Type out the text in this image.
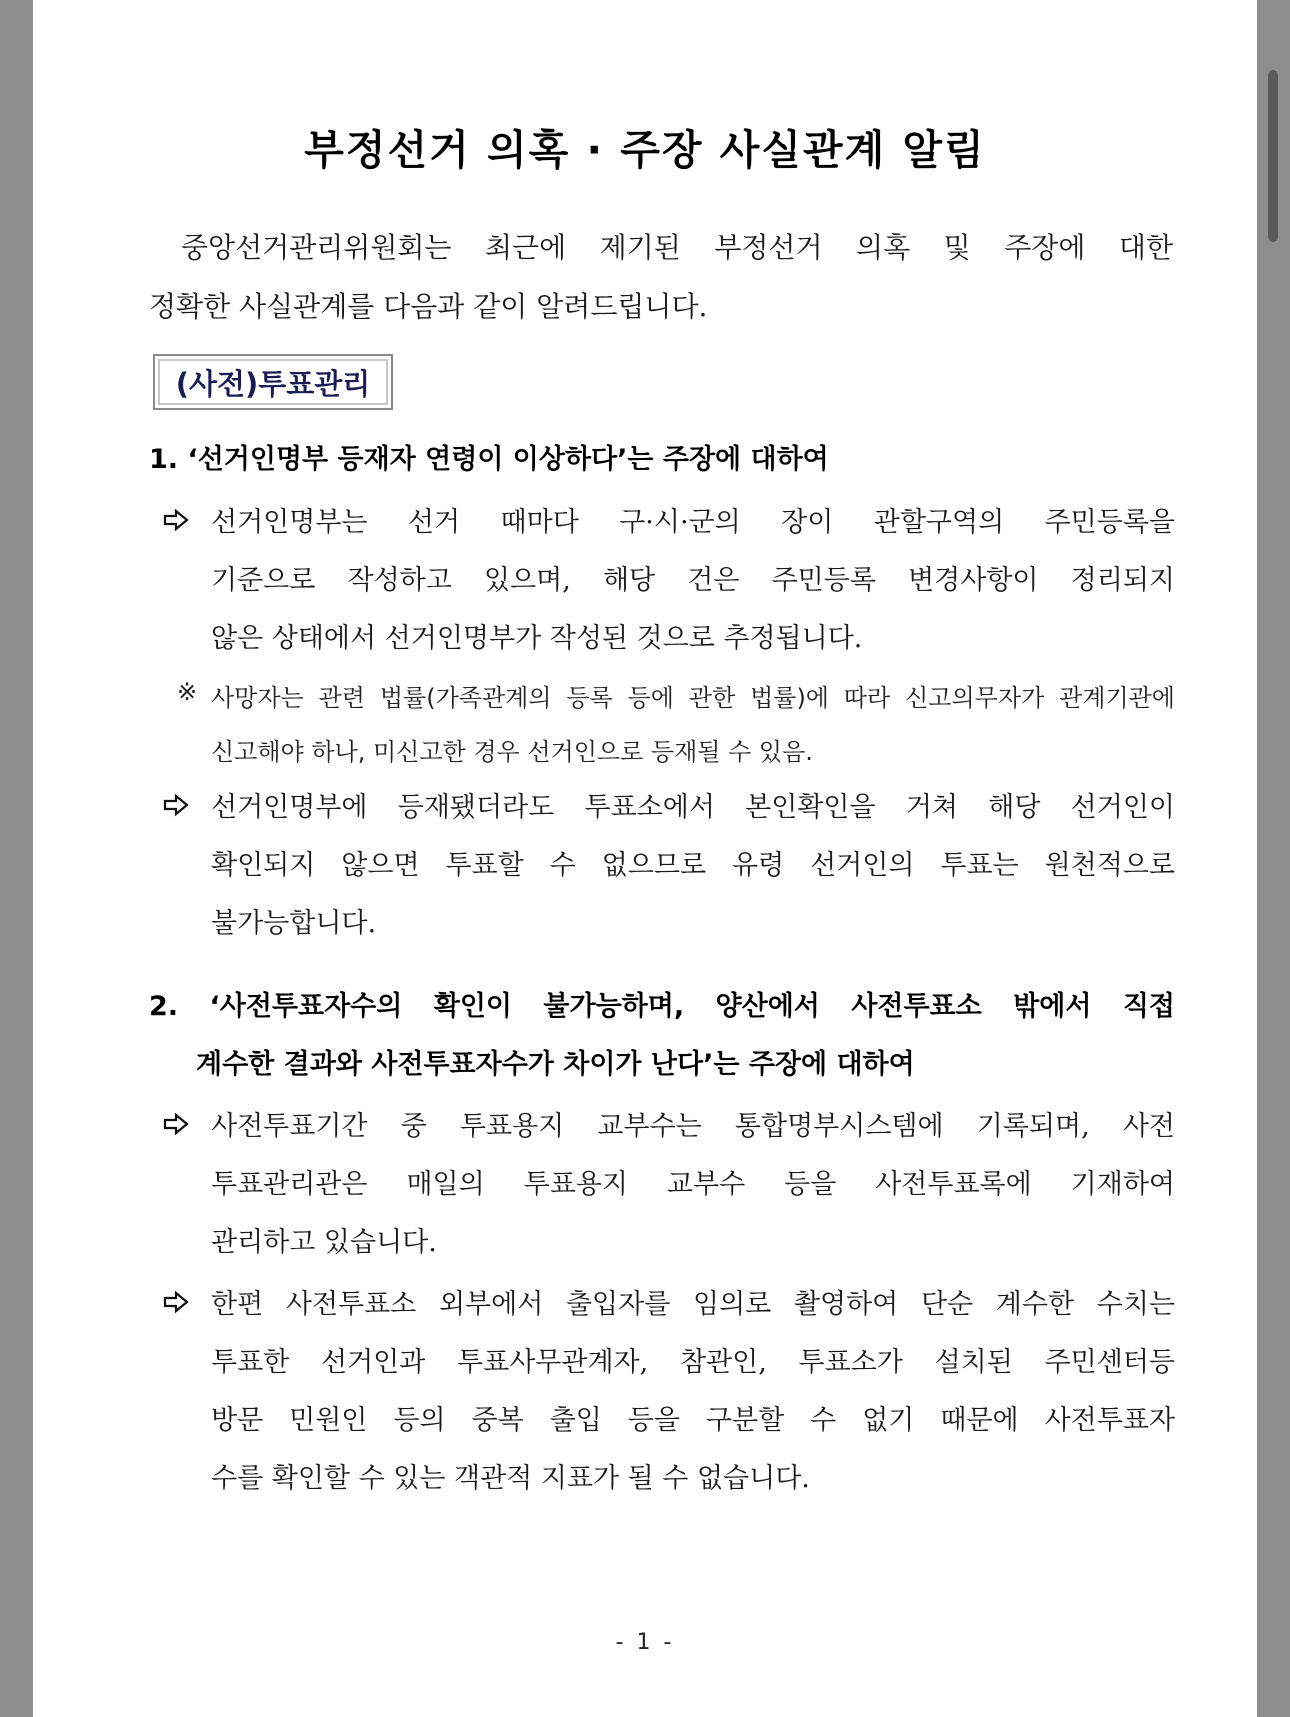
부정선거 의혹 · 주장 사실관계 알림
중앙선거관리위원회는 최근에 제기된 부정선거 의혹 및 주장에 대한
정확한 사실관계를 다음과 같이 알려드립니다.
(사전)투표관리
1. ‘선거인명부 등재자 연령이 이상하다’는 주장에 대하여
선거인명부는 선거 때마다 구·시·군의 장이 관할구역의 주민등록을
기준으로 작성하고 있으며, 해당 건은 주민등록 변경사항이 정리되지
않은 상태에서 선거인명부가 작성된 것으로 추정됩니다.
※ 사망자는 관련 법률(가족관계의 등록 등에 관한 법률)에 따라 신고의무자가 관계기관에
신고해야 하나, 미신고한 경우 선거인으로 등재될 수 있음.
선거인명부에 등재됐더라도 투표소에서 본인확인을 거쳐 해당 선거인이
확인되지 않으면 투표할 수 없으므로 유령 선거인의 투표는 원천적으로
불가능합니다.
2. ‘사전투표자수의 확인이 불가능하며, 양산에서 사전투표소 밖에서 직접
계수한 결과와 사전투표자수가 차이가 난다’는 주장에 대하여
사전투표기간 중 투표용지 교부수는 통합명부시스템에 기록되며, 사전
투표관리관은 매일의 투표용지 교부수 등을 사전투표록에 기재하여
관리하고 있습니다.
한편 사전투표소 외부에서 출입자를 임의로 촬영하여 단순 계수한 수치는
투표한 선거인과 투표사무관계자, 참관인, 투표소가 설치된 주민센터등
방문 민원인 등의 중복 출입 등을 구분할 수 없기 때문에 사전투표자
수를 확인할 수 있는 객관적 지표가 될 수 없습니다.
- 1 -
